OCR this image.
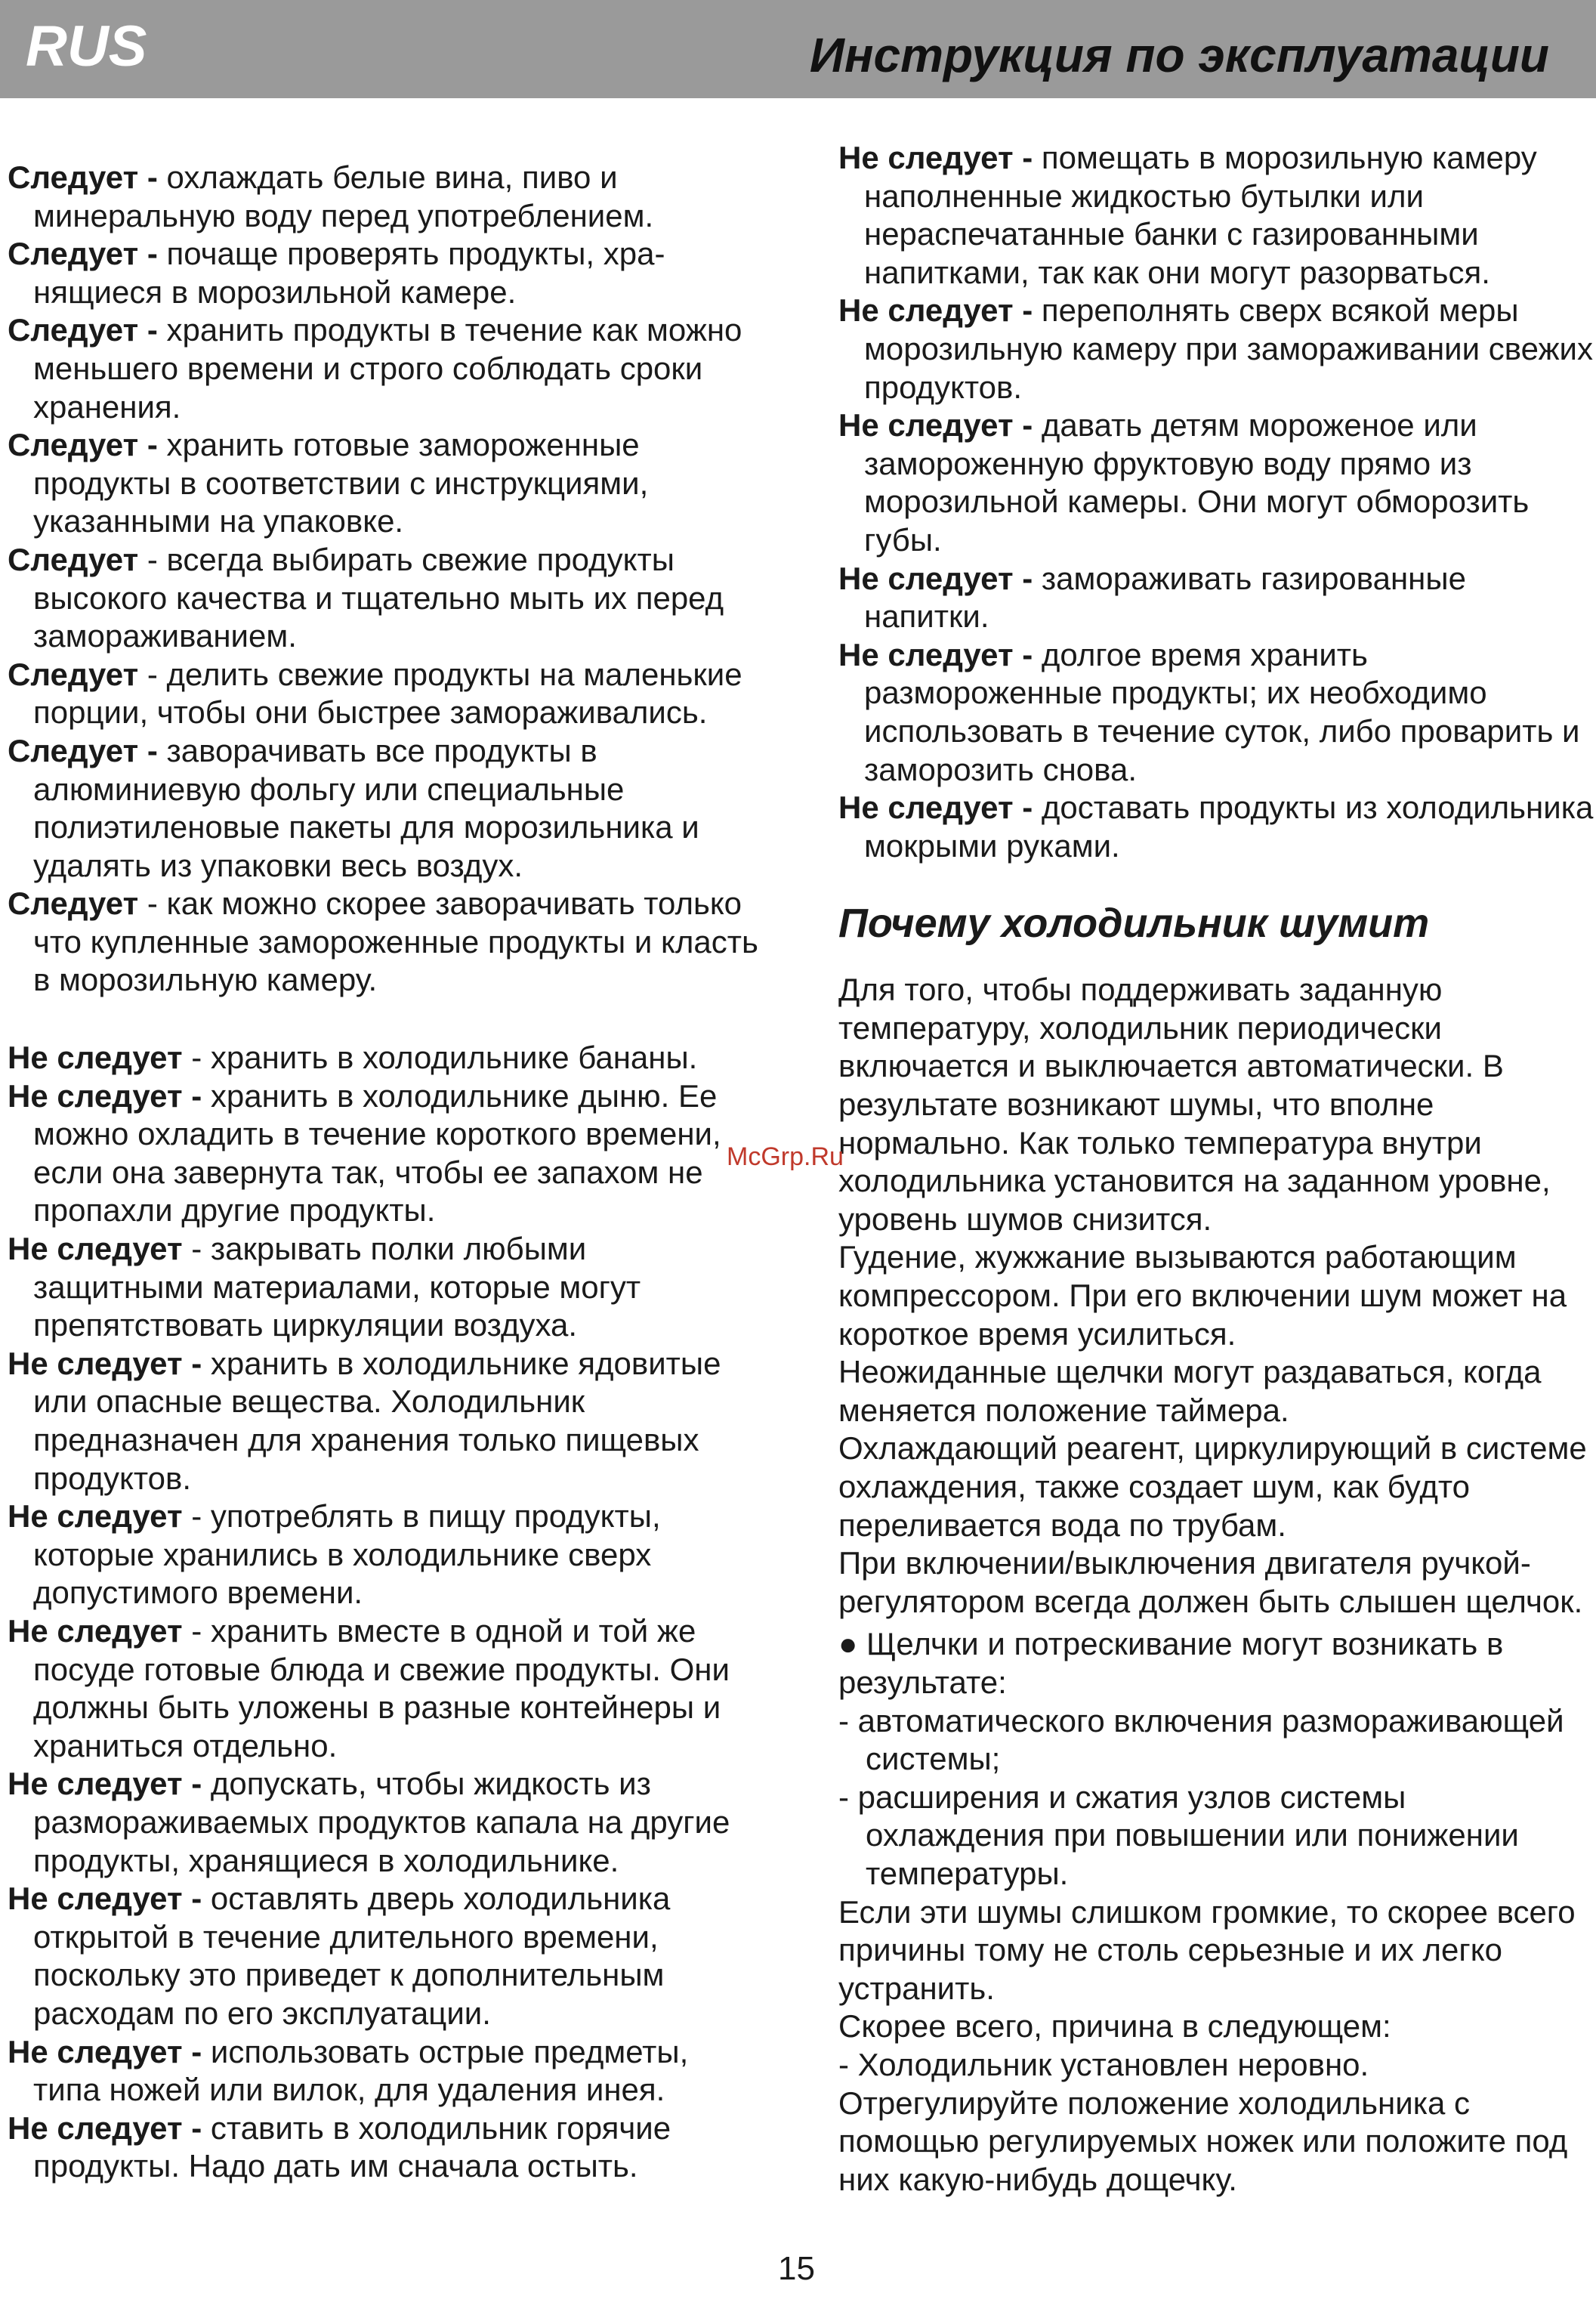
RUS	Инструкция по эксплуатации

Следует - охлаждать белые вина, пиво и минеральную воду перед употреблением.

Следует - почаще проверять продукты, хра-нящиеся в морозильной камере.

Следует - хранить продукты в течение как можно меньшего времени и строго соблюдать сроки хранения.

Следует - хранить готовые замороженные продукты в соответствии с инструкциями, указанными на упаковке.

Следует - всегда выбирать свежие продукты высокого качества и тщательно мыть их перед замораживанием.

Следует - делить свежие продукты на маленькие порции, чтобы они быстрее замораживались.

Следует - заворачивать все продукты в алюминиевую фольгу или специальные полиэтиленовые пакеты для морозильника и удалять из упаковки весь воздух.

Следует - как можно скорее заворачивать только что купленные замороженные продукты и класть в морозильную камеру.

Не следует - хранить в холодильнике бананы.

Не следует - хранить в холодильнике дыню. Ее можно охладить в течение короткого времени, если она завернута так, чтобы ее запахом не пропахли другие продукты.

Не следует - закрывать полки любыми защитными материалами, которые могут препятствовать циркуляции воздуха.

Не следует - хранить в холодильнике ядовитые или опасные вещества. Холодильник предназначен для хранения только пищевых продуктов.

Не следует - употреблять в пищу продукты, которые хранились в холодильнике сверх допустимого времени.

Не следует - хранить вместе в одной и той же посуде готовые блюда и свежие продукты. Они должны быть уложены в разные контейнеры и храниться отдельно.

Не следует - допускать, чтобы жидкость из размораживаемых продуктов капала на другие продукты, хранящиеся в холодильнике.

Не следует - оставлять дверь холодильника открытой в течение длительного времени, поскольку это приведет к дополнительным расходам по его эксплуатации.

Не следует - использовать острые предметы, типа ножей или вилок, для удаления инея.

Не следует - ставить в холодильник горячие продукты. Надо дать им сначала остыть.

Не следует - помещать в морозильную камеру наполненные жидкостью бутылки или нераспечатанные банки с газированными напитками, так как они могут разорваться.

Не следует - переполнять сверх всякой меры морозильную камеру при замораживании свежих продуктов.

Не следует - давать детям мороженое или замороженную фруктовую воду прямо из морозильной камеры. Они могут обморозить губы.

Не следует - замораживать газированные напитки.

Не следует - долгое время хранить размороженные продукты; их необходимо использовать в течение суток, либо проварить и заморозить снова.

Не следует - доставать продукты из холодильника мокрыми руками.

Почему холодильник шумит

Для того, чтобы поддерживать заданную температуру, холодильник периодически включается и выключается автоматически. В результате возникают шумы, что вполне нормально. Как только температура внутри холодильника установится на заданном уровне, уровень шумов снизится.

Гудение, жужжание вызываются работающим компрессором. При его включении шум может на короткое время усилиться.

Неожиданные щелчки могут раздаваться, когда меняется положение таймера.

Охлаждающий реагент, циркулирующий в системе охлаждения, также создает шум, как будто переливается вода по трубам.

При включении/выключения двигателя ручкой-регулятором всегда должен быть слышен щелчок.

● Щелчки и потрескивание могут возникать в результате:

- автоматического включения размораживающей системы;

- расширения и сжатия узлов системы охлаждения при повышении или понижении температуры.

Если эти шумы слишком громкие, то скорее всего причины тому не столь серьезные и их легко устранить.

Скорее всего, причина в следующем:

- Холодильник установлен неровно.

Отрегулируйте положение холодильника с помощью регулируемых ножек или положите под них какую-нибудь дощечку.

McGrp.Ru
15
